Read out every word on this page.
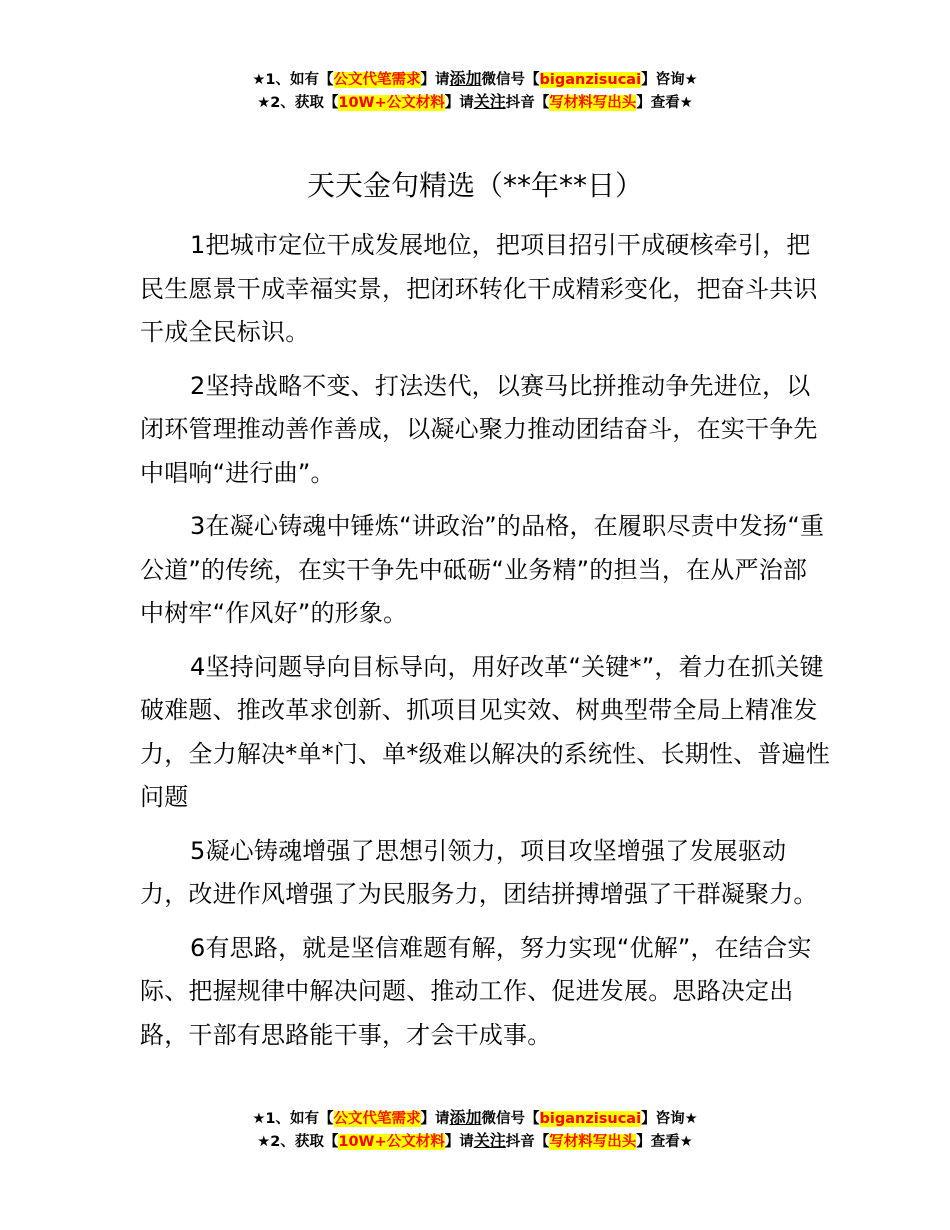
★1、如有【公文代笔需求】请添加微信号【biganzisucai】咨询★
★2、获取【10W+公文材料】请关注抖音【写材料写出头】查看★
天天金句精选（**年**日）

1把城市定位干成发展地位，把项目招引干成硬核牵引，把民生愿景干成幸福实景，把闭环转化干成精彩变化，把奋斗共识干成全民标识。

2坚持战略不变、打法迭代，以赛马比拼推动争先进位，以闭环管理推动善作善成，以凝心聚力推动团结奋斗，在实干争先中唱响“进行曲”。

3在凝心铸魂中锤炼“讲政治”的品格，在履职尽责中发扬“重公道”的传统，在实干争先中砥砺“业务精”的担当，在从严治部中树牢“作风好”的形象。

4坚持问题导向目标导向，用好改革“关键*”，着力在抓关键破难题、推改革求创新、抓项目见实效、树典型带全局上精准发力，全力解决*单*门、单*级难以解决的系统性、长期性、普遍性问题

5凝心铸魂增强了思想引领力，项目攻坚增强了发展驱动力，改进作风增强了为民服务力，团结拼搏增强了干群凝聚力。

6有思路，就是坚信难题有解，努力实现“优解”，在结合实际、把握规律中解决问题、推动工作、促进发展。思路决定出路，干部有思路能干事，才会干成事。

★1、如有【公文代笔需求】请添加微信号【biganzisucai】咨询★
★2、获取【10W+公文材料】请关注抖音【写材料写出头】查看★
